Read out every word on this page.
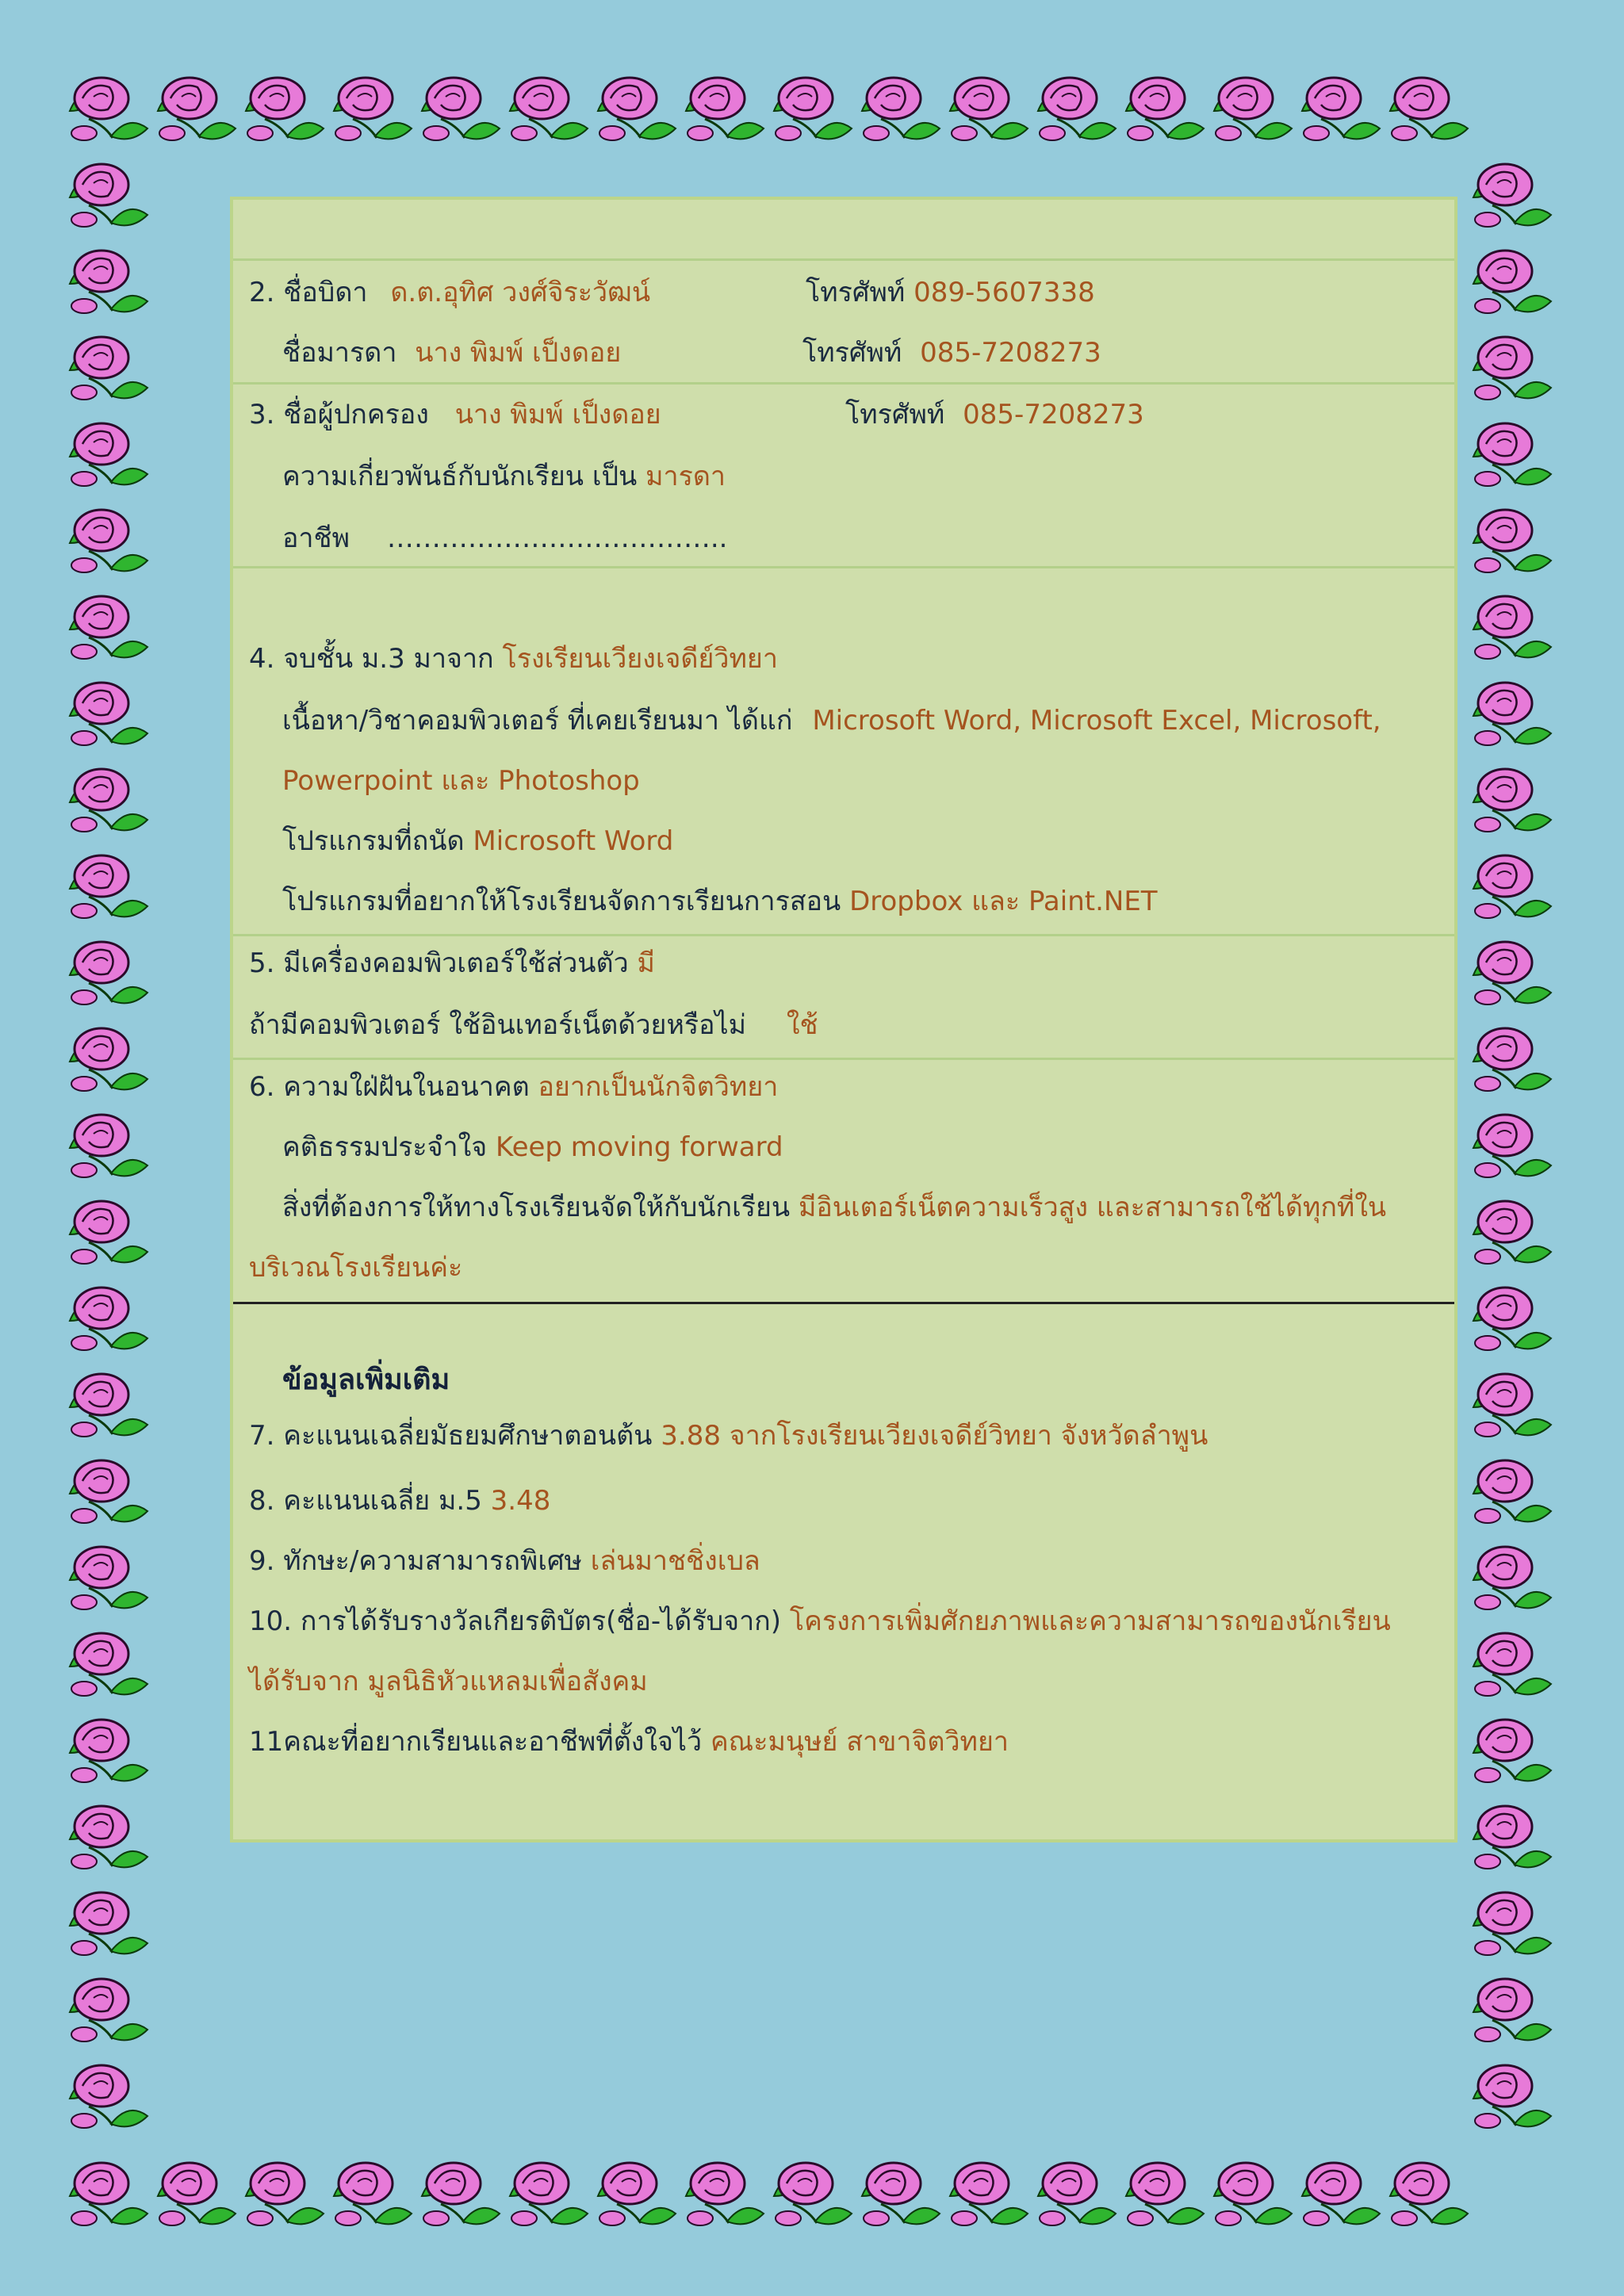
2. ชื่อบิดา ด.ต.อุทิศ วงศ์จิระวัฒน์	โทรศัพท์ 089-5607338
ชื่อมารดา นาง พิมพ์ เป็งดอย	โทรศัพท์ 085-7208273
3. ชื่อผู้ปกครอง นาง พิมพ์ เป็งดอย	โทรศัพท์ 085-7208273
ความเกี่ยวพันธ์กับนักเรียน เป็น มารดา
อาชีพ ………………………………..
4. จบชั้น ม.3 มาจาก โรงเรียนเวียงเจดีย์วิทยา
เนื้อหา/วิชาคอมพิวเตอร์ ที่เคยเรียนมา ได้แก่ Microsoft Word, Microsoft Excel, Microsoft,
Powerpoint และ Photoshop
โปรแกรมที่ถนัด Microsoft Word
โปรแกรมที่อยากให้โรงเรียนจัดการเรียนการสอน Dropbox และ Paint.NET
5. มีเครื่องคอมพิวเตอร์ใช้ส่วนตัว มี
ถ้ามีคอมพิวเตอร์ ใช้อินเทอร์เน็ตด้วยหรือไม่ ใช้
6. ความใฝ่ฝันในอนาคต อยากเป็นนักจิตวิทยา
คติธรรมประจำใจ Keep moving forward
สิ่งที่ต้องการให้ทางโรงเรียนจัดให้กับนักเรียน มีอินเตอร์เน็ตความเร็วสูง และสามารถใช้ได้ทุกที่ใน
บริเวณโรงเรียนค่ะ
ข้อมูลเพิ่มเติม
7. คะแนนเฉลี่ยมัธยมศึกษาตอนต้น 3.88 จากโรงเรียนเวียงเจดีย์วิทยา จังหวัดลำพูน
8. คะแนนเฉลี่ย ม.5 3.48
9. ทักษะ/ความสามารถพิเศษ เล่นมาชชิ่งเบล
10. การได้รับรางวัลเกียรติบัตร(ชื่อ-ได้รับจาก) โครงการเพิ่มศักยภาพและความสามารถของนักเรียน
ได้รับจาก มูลนิธิหัวแหลมเพื่อสังคม
11คณะที่อยากเรียนและอาชีพที่ตั้งใจไว้ คณะมนุษย์ สาขาจิตวิทยา
